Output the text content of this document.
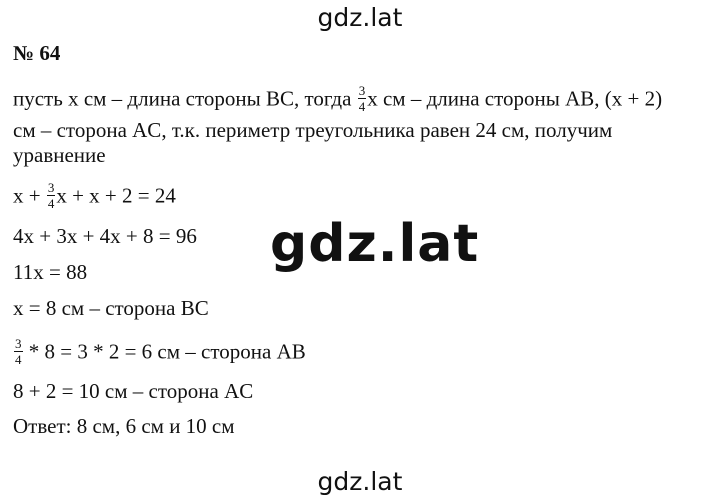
gdz.lat
№ 64
пусть x см – длина стороны BC, тогда $\frac{3}{4}$ x см – длина стороны AB, (x + 2)
см – сторона AC, т.к. периметр треугольника равен 24 см, получим
уравнение
$x + \frac{3}{4}$ x + x + 2 = 24
4x + 3x + 4x + 8 = 96
11x = 88
x = 8 см – сторона BC
$\frac{3}{4} * 8 = 3 * 2 = 6$ см – сторона AB
8 + 2 = 10 см – сторона AC
Ответ: 8 см, 6 см и 10 см
gdz.lat
gdz.lat
